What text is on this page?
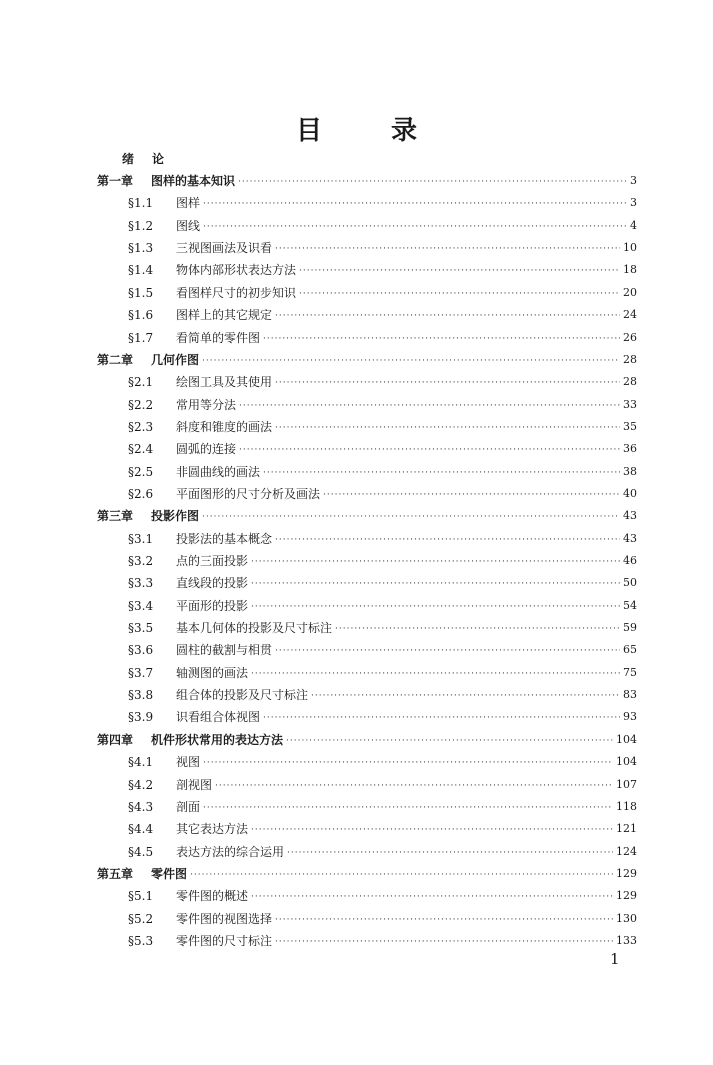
目 录
绪论
第一章 图样的基本知识 ·····	3
§1.1 图样 ·····	3
§1.2 图线 ·····	4
§1.3 三视图画法及识看 ·····	10
§1.4 物体内部形状表达方法 ·····	18
§1.5 看图样尺寸的初步知识 ·····	20
§1.6 图样上的其它规定 ·····	24
§1.7 看简单的零件图 ·····	26
第二章 几何作图 ·····	28
§2.1 绘图工具及其使用 ·····	28
§2.2 常用等分法 ·····	33
§2.3 斜度和锥度的画法 ·····	35
§2.4 圆弧的连接 ·····	36
§2.5 非圆曲线的画法 ·····	38
§2.6 平面图形的尺寸分析及画法 ·····	40
第三章 投影作图 ·····	43
§3.1 投影法的基本概念 ·····	43
§3.2 点的三面投影 ·····	46
§3.3 直线段的投影 ·····	50
§3.4 平面形的投影 ·····	54
§3.5 基本几何体的投影及尺寸标注 ·····	59
§3.6 圆柱的截割与相贯 ·····	65
§3.7 轴测图的画法 ·····	75
§3.8 组合体的投影及尺寸标注 ·····	83
§3.9 识看组合体视图 ·····	93
第四章 机件形状常用的表达方法 ·····	104
§4.1 视图 ·····	104
§4.2 剖视图 ·····	107
§4.3 剖面 ·····	118
§4.4 其它表达方法 ·····	121
§4.5 表达方法的综合运用 ·····	124
第五章 零件图 ·····	129
§5.1 零件图的概述 ·····	129
§5.2 零件图的视图选择 ·····	130
§5.3 零件图的尺寸标注 ·····	133
1
